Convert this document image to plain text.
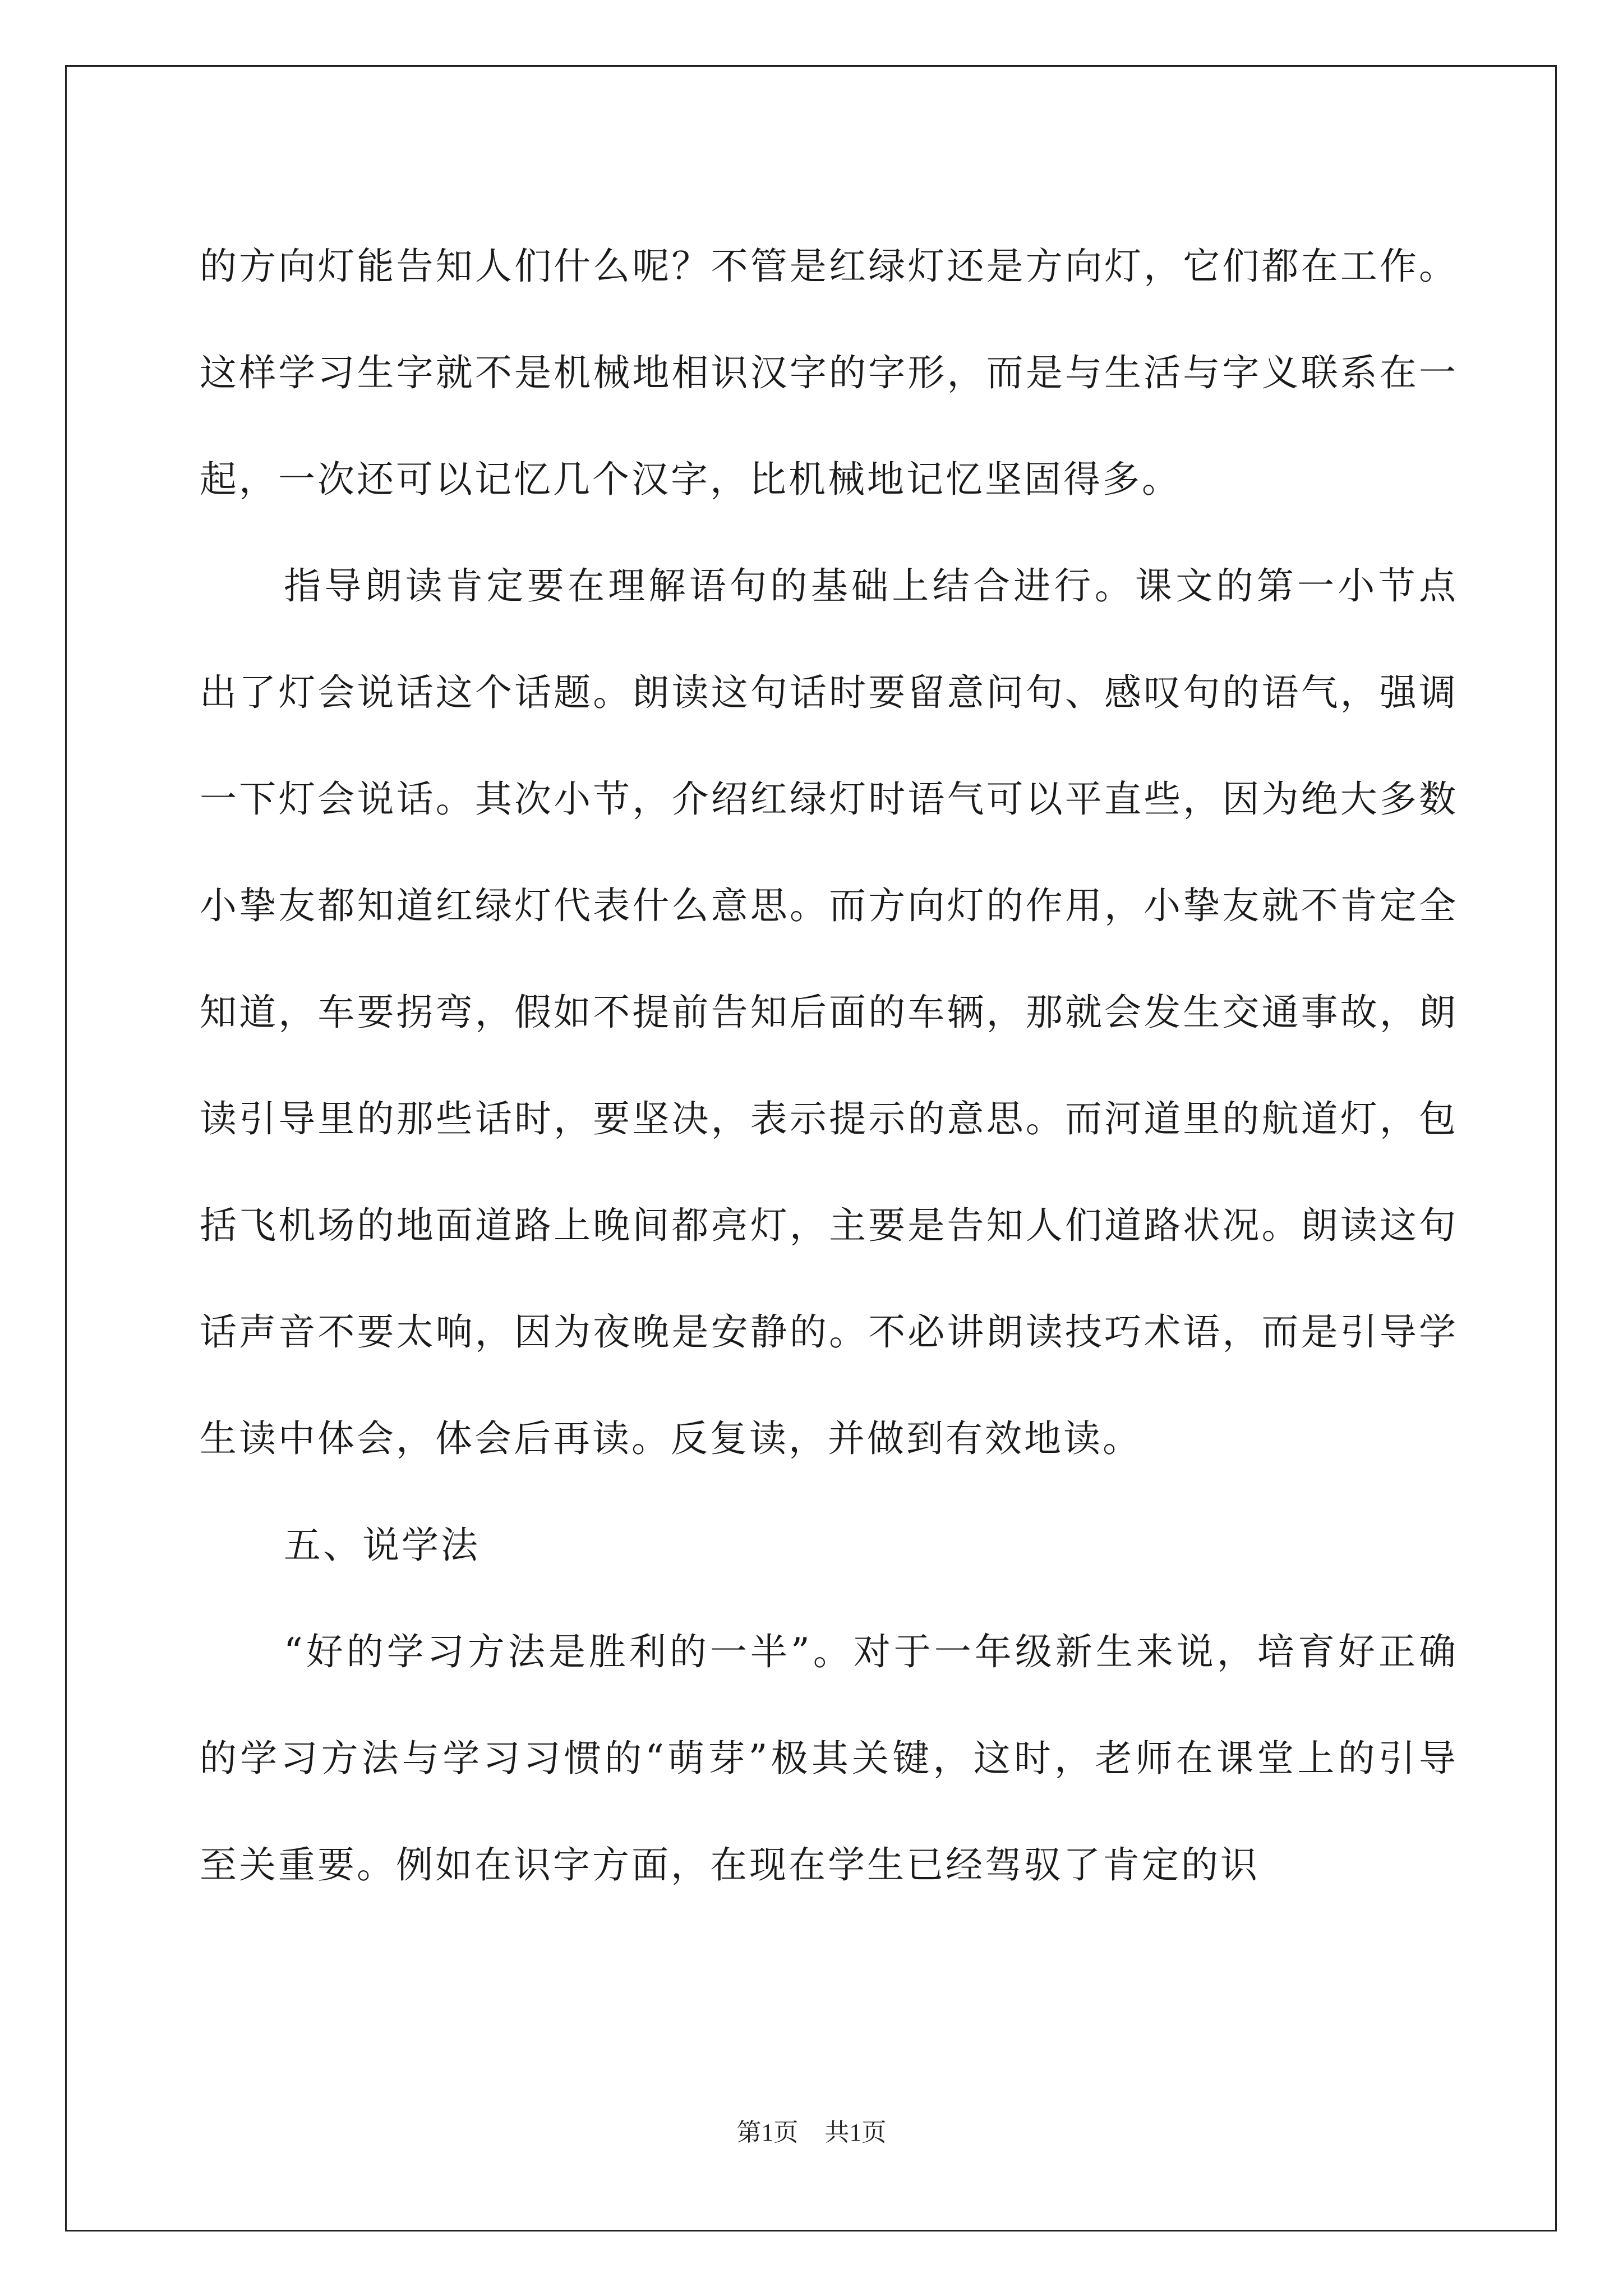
的方向灯能告知人们什么呢？不管是红绿灯还是方向灯，它们都在工作。这样学习生字就不是机械地相识汉字的字形，而是与生活与字义联系在一起，一次还可以记忆几个汉字，比机械地记忆坚固得多。

指导朗读肯定要在理解语句的基础上结合进行。课文的第一小节点出了灯会说话这个话题。朗读这句话时要留意问句、感叹句的语气，强调一下灯会说话。其次小节，介绍红绿灯时语气可以平直些，因为绝大多数小挚友都知道红绿灯代表什么意思。而方向灯的作用，小挚友就不肯定全知道，车要拐弯，假如不提前告知后面的车辆，那就会发生交通事故，朗读引导里的那些话时，要坚决，表示提示的意思。而河道里的航道灯，包括飞机场的地面道路上晚间都亮灯，主要是告知人们道路状况。朗读这句话声音不要太响，因为夜晚是安静的。不必讲朗读技巧术语，而是引导学生读中体会，体会后再读。反复读，并做到有效地读。

五、说学法

“好的学习方法是胜利的一半”。对于一年级新生来说，培育好正确的学习方法与学习习惯的“萌芽”极其关键，这时，老师在课堂上的引导至关重要。例如在识字方面，在现在学生已经驾驭了肯定的识

第1页 共1页
